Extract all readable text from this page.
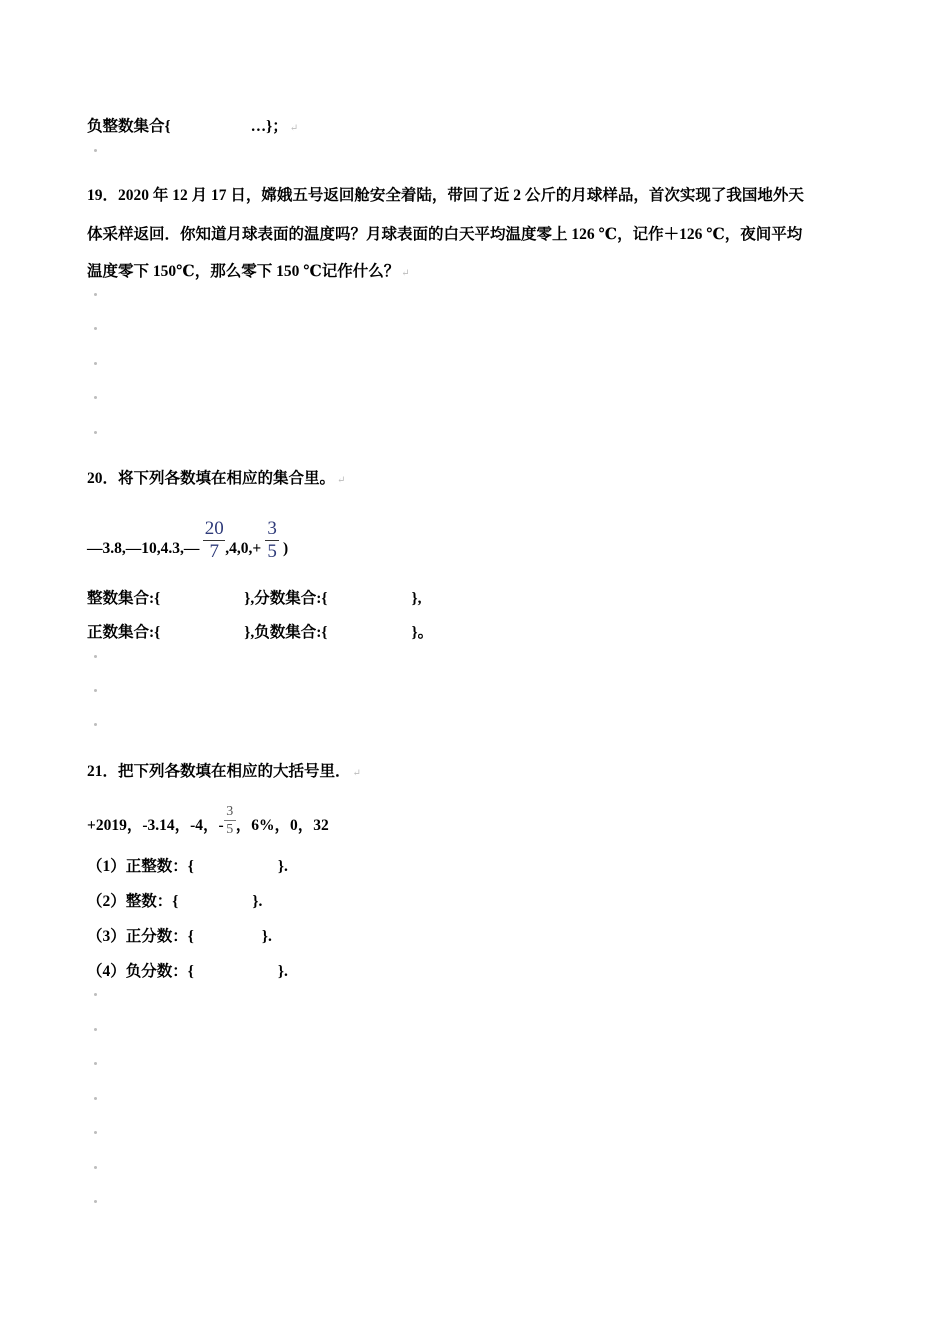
负整数集合{	…}； ↵
19．2020 年 12 月 17 日，嫦娥五号返回舱安全着陆，带回了近 2 公斤的月球样品，首次实现了我国地外天
体采样返回．你知道月球表面的温度吗？月球表面的白天平均温度零上 126 ℃，记作＋126 ℃，夜间平均
温度零下 150℃，那么零下 150 ℃记作什么？ ↵
20．将下列各数填在相应的集合里。 ↵
—3.8,—10,4.3,— $\frac{20}{7} ,4,0,+ \frac{3}{5}$ )
整数集合:{	},分数集合:{	},
正数集合:{	},负数集合:{	}。
21．把下列各数填在相应的大括号里． ↵
+2019，-3.14，-4，- $\frac{3}{5}$ ，6%，0，32
（1）正整数：{	}.
（2）整数：{	}.
（3）正分数：{	}.
（4）负分数：{	}.
